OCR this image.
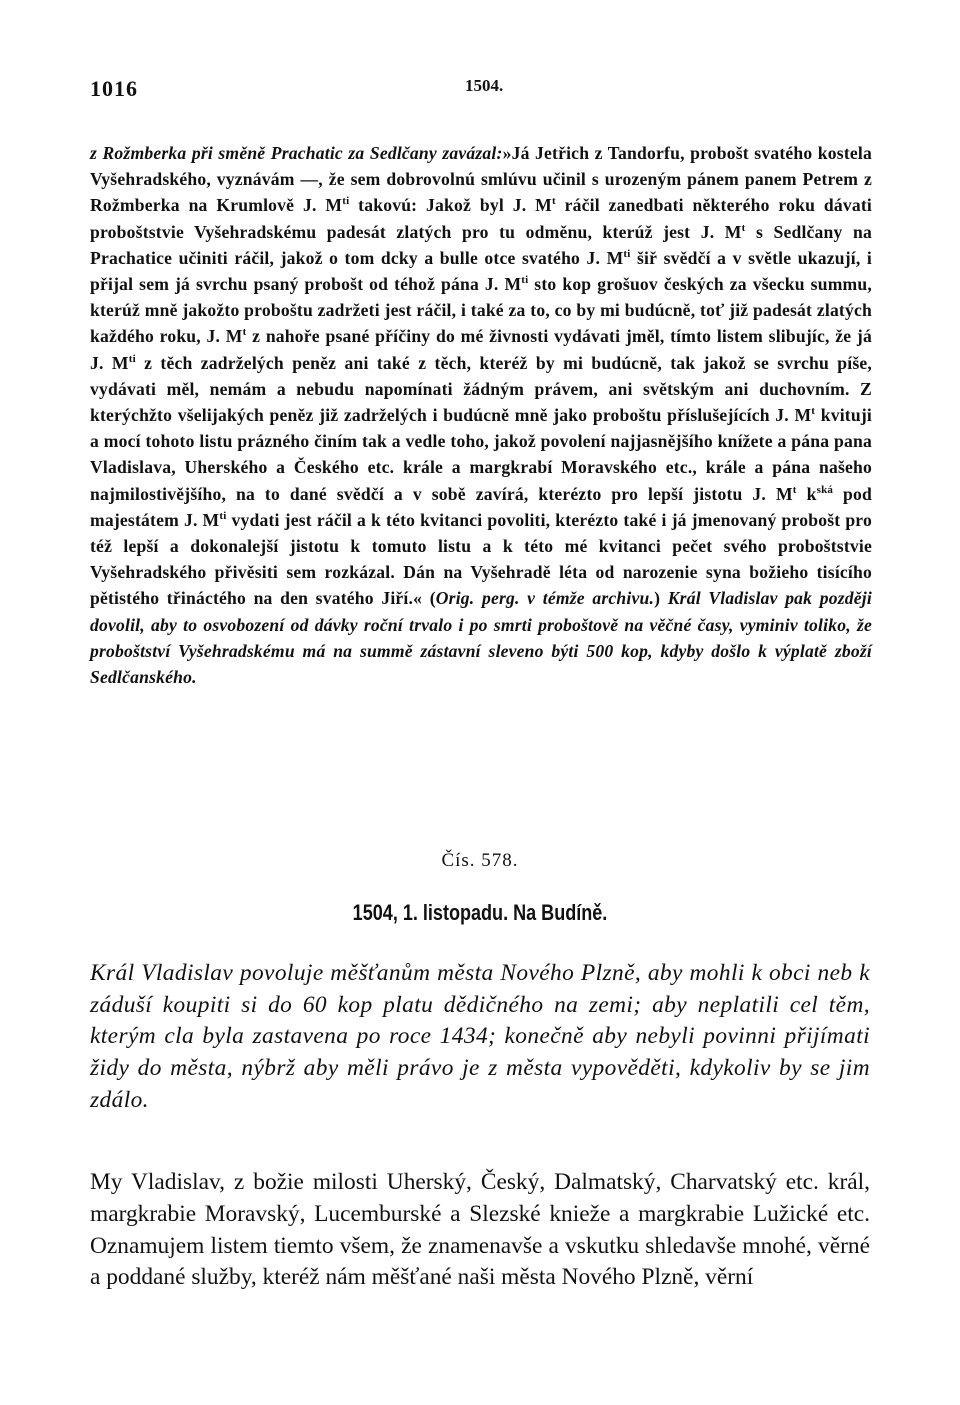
1016	1504.

z Rožmberka při směně Prachatic za Sedlčany zavázal:»Já Jetřich z Tandorfu, probošt svatého kostela Vyšehradského, vyznávám —, že sem dobrovolnú smlúvu učinil s urozeným pánem panem Petrem z Rožmberka na Krumlově J. $M^{ti}$ takovú: Jakož byl J. $M^t$ ráčil zanedbati některého roku dávati proboštstvie Vyšehradskému padesát zlatých pro tu odměnu, kterúž jest J. $M^t$ s Sedlčany na Prachatice učiniti ráčil, jakož o tom dcky a bulle otce svatého J. $M^{ti}$ šiř svědčí a v světle ukazují, i přijal sem já svrchu psaný probošt od téhož pána J. $M^{ti}$ sto kop grošuov českých za všecku summu, kterúž mně jakožto proboštu zadržeti jest ráčil, i také za to, co by mi budúcně, toť již padesát zlatých každého roku, J. $M^t$ z nahoře psané příčiny do mé živnosti vydávati jměl, tímto listem slibujíc, že já J. $M^{ti}$ z těch zadrželých peněz ani také z těch, kteréž by mi budúcně, tak jakož se svrchu píše, vydávati měl, nemám a nebudu napomínati žádným právem, ani světským ani duchovním. Z kterýchžto všelijakých peněz již zadrželých i budúcně mně jako proboštu příslušejících J. $M^t$ kvituji a mocí tohoto listu prázného činím tak a vedle toho, jakož povolení najjasnějšího knížete a pána pana Vladislava, Uherského a Českého etc. krále a margkrabí Moravského etc., krále a pána našeho najmilostivějšího, na to dané svědčí a v sobě zavírá, kterézto pro lepší jistotu J. $M^t$ $k^{ská}$ pod majestátem J. $M^{ti}$ vydati jest ráčil a k této kvitanci povoliti, kterézto také i já jmenovaný probošt pro též lepší a dokonalejší jistotu k tomuto listu a k této mé kvitanci pečet svého proboštstvie Vyšehradského přivěsiti sem rozkázal. Dán na Vyšehradě léta od narozenie syna božieho tisícího pětistého třináctého na den svatého Jiří.« (Orig. perg. v témže archivu.) Král Vladislav pak později dovolil, aby to osvobození od dávky roční trvalo i po smrti proboštově na věčné časy, vyminiv toliko, že proboštství Vyšehradskému má na summě zástavní sleveno býti 500 kop, kdyby došlo k výplatě zboží Sedlčanského.

Čís. 578.
1504, 1. listopadu. Na Budíně.

Král Vladislav povoluje měšťanům města Nového Plzně, aby mohli k obci neb k záduší koupiti si do 60 kop platu dědičného na zemi; aby neplatili cel těm, kterým cla byla zastavena po roce 1434; konečně aby nebyli povinni přijímati židy do města, nýbrž aby měli právo je z města vypověděti, kdykoliv by se jim zdálo.

My Vladislav, z božie milosti Uherský, Český, Dalmatský, Charvatský etc. král, margkrabie Moravský, Lucemburské a Slezské knieže a margkrabie Lužické etc. Oznamujem listem tiemto všem, že znamenavše a vskutku shledavše mnohé, věrné a poddané služby, kteréž nám měšťané naši města Nového Plzně, věrní
